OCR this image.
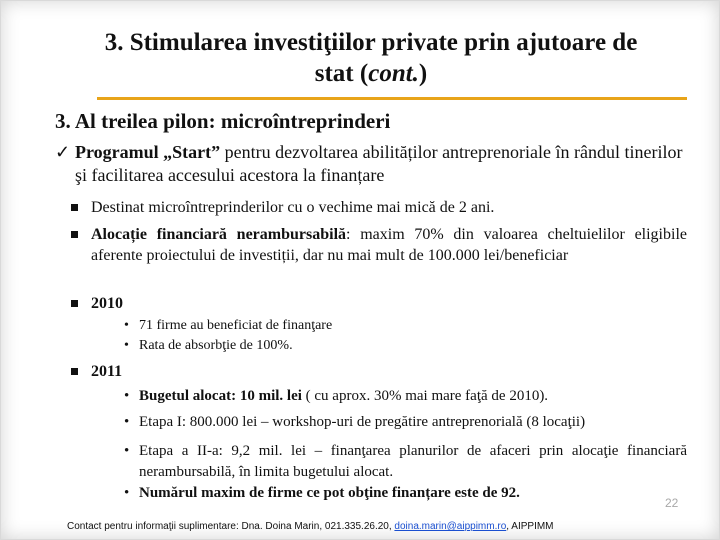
3. Stimularea investiţiilor private prin ajutoare de
stat (cont.)
3. Al treilea pilon: microîntreprinderi
✓ Programul „Start” pentru dezvoltarea abilităților antreprenoriale în rândul tinerilor şi facilitarea accesului acestora la finanțare
Destinat microîntreprinderilor cu o vechime mai mică de 2 ani.
Alocație financiară nerambursabilă: maxim 70% din valoarea cheltuielilor eligibile aferente proiectului de investiții, dar nu mai mult de 100.000 lei/beneficiar
2010
• 71 firme au beneficiat de finanţare
• Rata de absorbţie de 100%.
2011
• Bugetul alocat: 10 mil. lei ( cu aprox. 30% mai mare faţă de 2010).
• Etapa I: 800.000 lei – workshop-uri de pregătire antreprenorială (8 locaţii)
• Etapa a II-a: 9,2 mil. lei – finanţarea planurilor de afaceri prin alocaţie financiară nerambursabilă, în limita bugetului alocat.
• Numărul maxim de firme ce pot obţine finanțare este de 92.
22
Contact pentru informaţii suplimentare: Dna. Doina Marin, 021.335.26.20, doina.marin@aippimm.ro, AIPPIMM
